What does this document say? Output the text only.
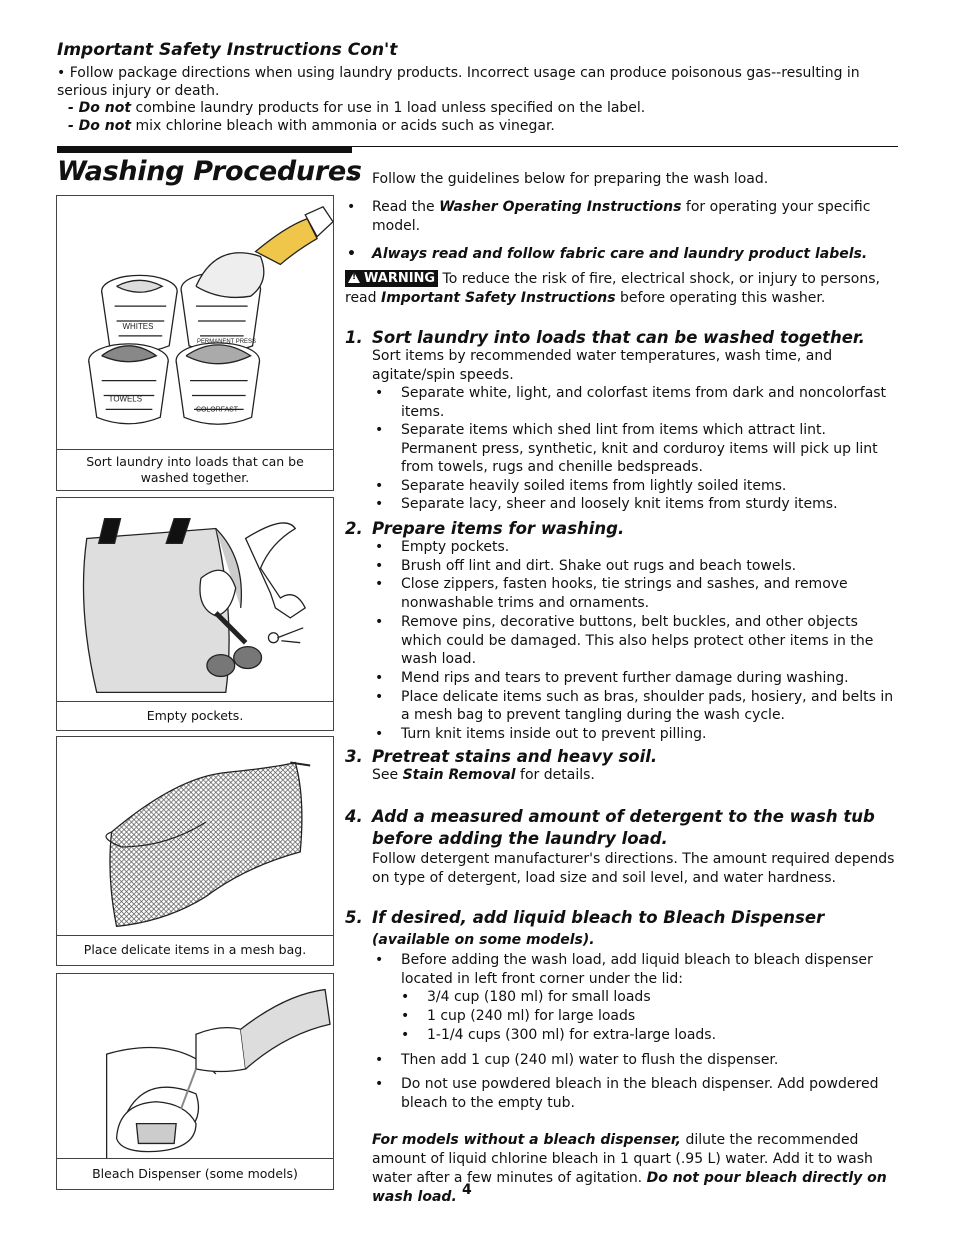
Important Safety Instructions Con't
• Follow package directions when using laundry products. Incorrect usage can produce poisonous gas--resulting in serious injury or death.
- Do not combine laundry products for use in 1 load unless specified on the label.
- Do not mix chlorine bleach with ammonia or acids such as vinegar.
Washing Procedures
WHITES
PERMANENT PRESS
TOWELS
COLORFAST
Sort laundry into loads that can be washed together.
Empty pockets.
Place delicate items in a mesh bag.
Bleach Dispenser (some models)
• Follow the guidelines below for preparing the wash load.
• Read the Washer Operating Instructions for operating your specific model.
• Always read and follow fabric care and laundry product labels.
!WARNING To reduce the risk of fire, electrical shock, or injury to persons, read Important Safety Instructions before operating this washer.
1. Sort laundry into loads that can be washed together.
Sort items by recommended water temperatures, wash time, and agitate/spin speeds.
• Separate white, light, and colorfast items from dark and noncolorfast items.
• Separate items which shed lint from items which attract lint. Permanent press, synthetic, knit and corduroy items will pick up lint from towels, rugs and chenille bedspreads.
• Separate heavily soiled items from lightly soiled items.
• Separate lacy, sheer and loosely knit items from sturdy items.
2. Prepare items for washing.
• Empty pockets.
• Brush off lint and dirt. Shake out rugs and beach towels.
• Close zippers, fasten hooks, tie strings and sashes, and remove nonwashable trims and ornaments.
• Remove pins, decorative buttons, belt buckles, and other objects which could be damaged. This also helps protect other items in the wash load.
• Mend rips and tears to prevent further damage during washing.
• Place delicate items such as bras, shoulder pads, hosiery, and belts in a mesh bag to prevent tangling during the wash cycle.
• Turn knit items inside out to prevent pilling.
3. Pretreat stains and heavy soil.
See Stain Removal for details.
4. Add a measured amount of detergent to the wash tub before adding the laundry load.
Follow detergent manufacturer's directions. The amount required depends on type of detergent, load size and soil level, and water hardness.
5. If desired, add liquid bleach to Bleach Dispenser (available on some models).
• Before adding the wash load, add liquid bleach to bleach dispenser located in left front corner under the lid:
• 3/4 cup (180 ml) for small loads
• 1 cup (240 ml) for large loads
• 1-1/4 cups (300 ml) for extra-large loads.
• Then add 1 cup (240 ml) water to flush the dispenser.
• Do not use powdered bleach in the bleach dispenser. Add powdered bleach to the empty tub.
For models without a bleach dispenser, dilute the recommended amount of liquid chlorine bleach in 1 quart (.95 L) water. Add it to wash water after a few minutes of agitation. Do not pour bleach directly on wash load. 4
